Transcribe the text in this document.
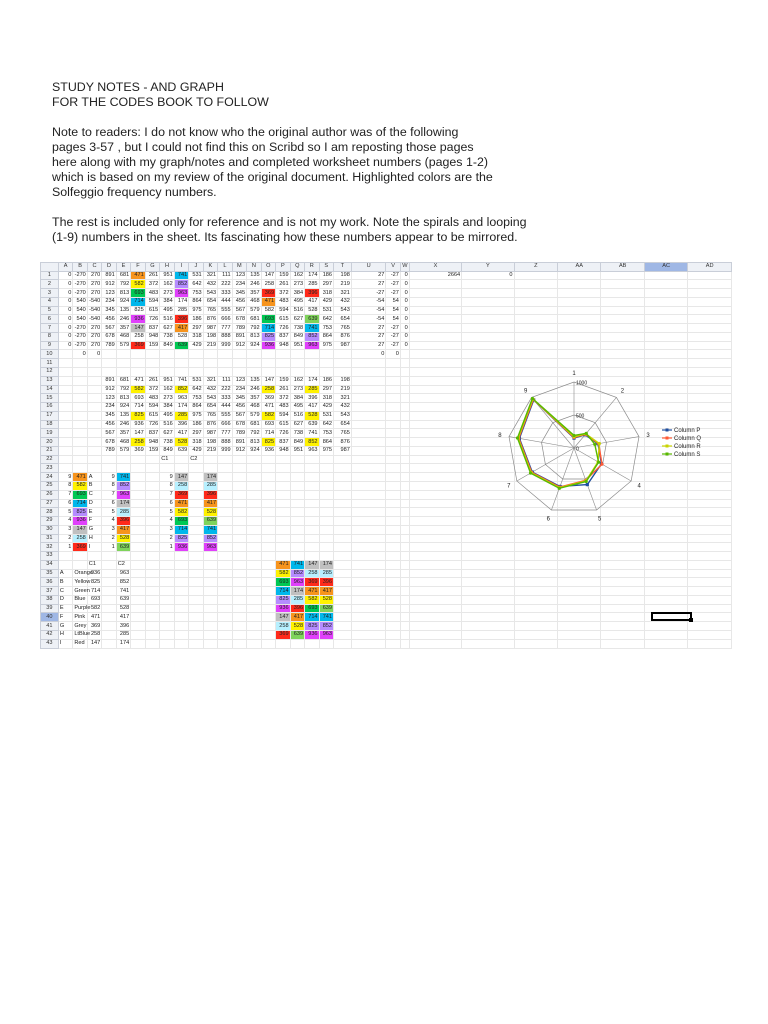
STUDY NOTES - AND GRAPH

FOR THE CODES BOOK TO FOLLOW

Note to readers: I do not know who the original author was of the following

pages 3-57 , but I could not find this on Scribd so I am reposting those pages

here along with my graph/notes and completed worksheet numbers (pages 1-2)

which is based on my review of the original document. Highlighted colors are the

Solfeggio frequency numbers.

The rest is included only for reference and is not my work. Note the spirals and looping

(1-9) numbers in the sheet. Its fascinating how these numbers appear to be mirrored.

	A	B	C	D	E	F	G	H	I	J	K	L	M	N	O	P	Q	R	S	T	U	V	W	X	Y	Z	AA	AB	AC	AD
1	0	-270	270	891	681	471	261	951	741	531	321	111	123	135	147	159	162	174	186	198	27	-27	0	2664	0					
2	0	-270	270	912	792	582	372	162	852	642	432	222	234	246	258	261	273	285	297	219	27	-27	0							
3	0	-270	270	123	813	693	483	273	963	753	543	333	345	357	369	372	384	396	318	321	-27	-27	0							
4	0	540	-540	234	924	714	594	384	174	864	654	444	456	468	471	483	495	417	429	432	-54	54	0							
5	0	540	-540	345	135	825	615	495	285	975	765	555	567	579	582	594	516	528	531	543	-54	54	0							
6	0	540	-540	456	246	936	726	516	396	186	876	666	678	681	693	615	627	639	642	654	-54	54	0							
7	0	-270	270	567	357	147	837	627	417	297	987	777	789	792	714	726	738	741	753	765	27	-27	0							
8	0	-270	270	678	468	258	948	738	528	318	198	888	891	813	825	837	849	852	864	876	27	-27	0							
9	0	-270	270	789	579	369	159	849	639	429	219	999	912	924	936	948	951	963	975	987	27	-27	0							
10		0	0																		0	0								
11																														
12																														
13				891	681	471	261	951	741	531	321	111	123	135	147	159	162	174	186	198										
14				912	792	582	372	162	852	642	432	222	234	246	258	261	273	285	297	219										
15				123	813	693	483	273	963	753	543	333	345	357	369	372	384	396	318	321										
16				234	924	714	594	384	174	864	654	444	456	468	471	483	495	417	429	432										
17				345	135	825	615	495	285	975	765	555	567	579	582	594	516	528	531	543										
18				456	246	936	726	516	396	186	876	666	678	681	693	615	627	639	642	654										
19				567	357	147	837	627	417	297	987	777	789	792	714	726	738	741	753	765										
20				678	468	258	948	738	528	318	198	888	891	813	825	837	849	852	864	876										
21				789	579	369	159	849	639	429	219	999	912	924	936	948	951	963	975	987										
22								C1		C2																				
23																														
24	9	471	A	9	741			9	147		174																			
25	8	582	B	8	852			8	258		285																			
26	7	693	C	7	963			7	369		396																			
27	6	714	D	6	174			6	471		417																			
28	5	825	E	5	285			5	582		528																			
29	4	936	F	4	396			4	693		639																			
30	3	147	G	3	417			3	714		741																			
31	2	258	H	2	528			2	825		852																			
32	1	369	I	1	639			1	936		963																			
33																														
34			C1		C2											471	741	147	174											
35	A	Orange	936		963											582	852	258	285											
36	B	Yellow	825		852											693	963	369	396											
37	C	Green	714		741											714	174	471	417											
38	D	Blue	693		639											825	285	582	528											
39	E	Purple	582		528											936	396	693	639											
40	F	Pink	471		417											147	417	714	741											
41	G	Grey	369		396											258	528	825	852											
42	H	LtBlue	258		285											369	639	936	963											
43	I	Red	147		174																									
1
2
3
4
5
6
7
8
9
1000
500
0
Column P
Column Q
Column R
Column S
